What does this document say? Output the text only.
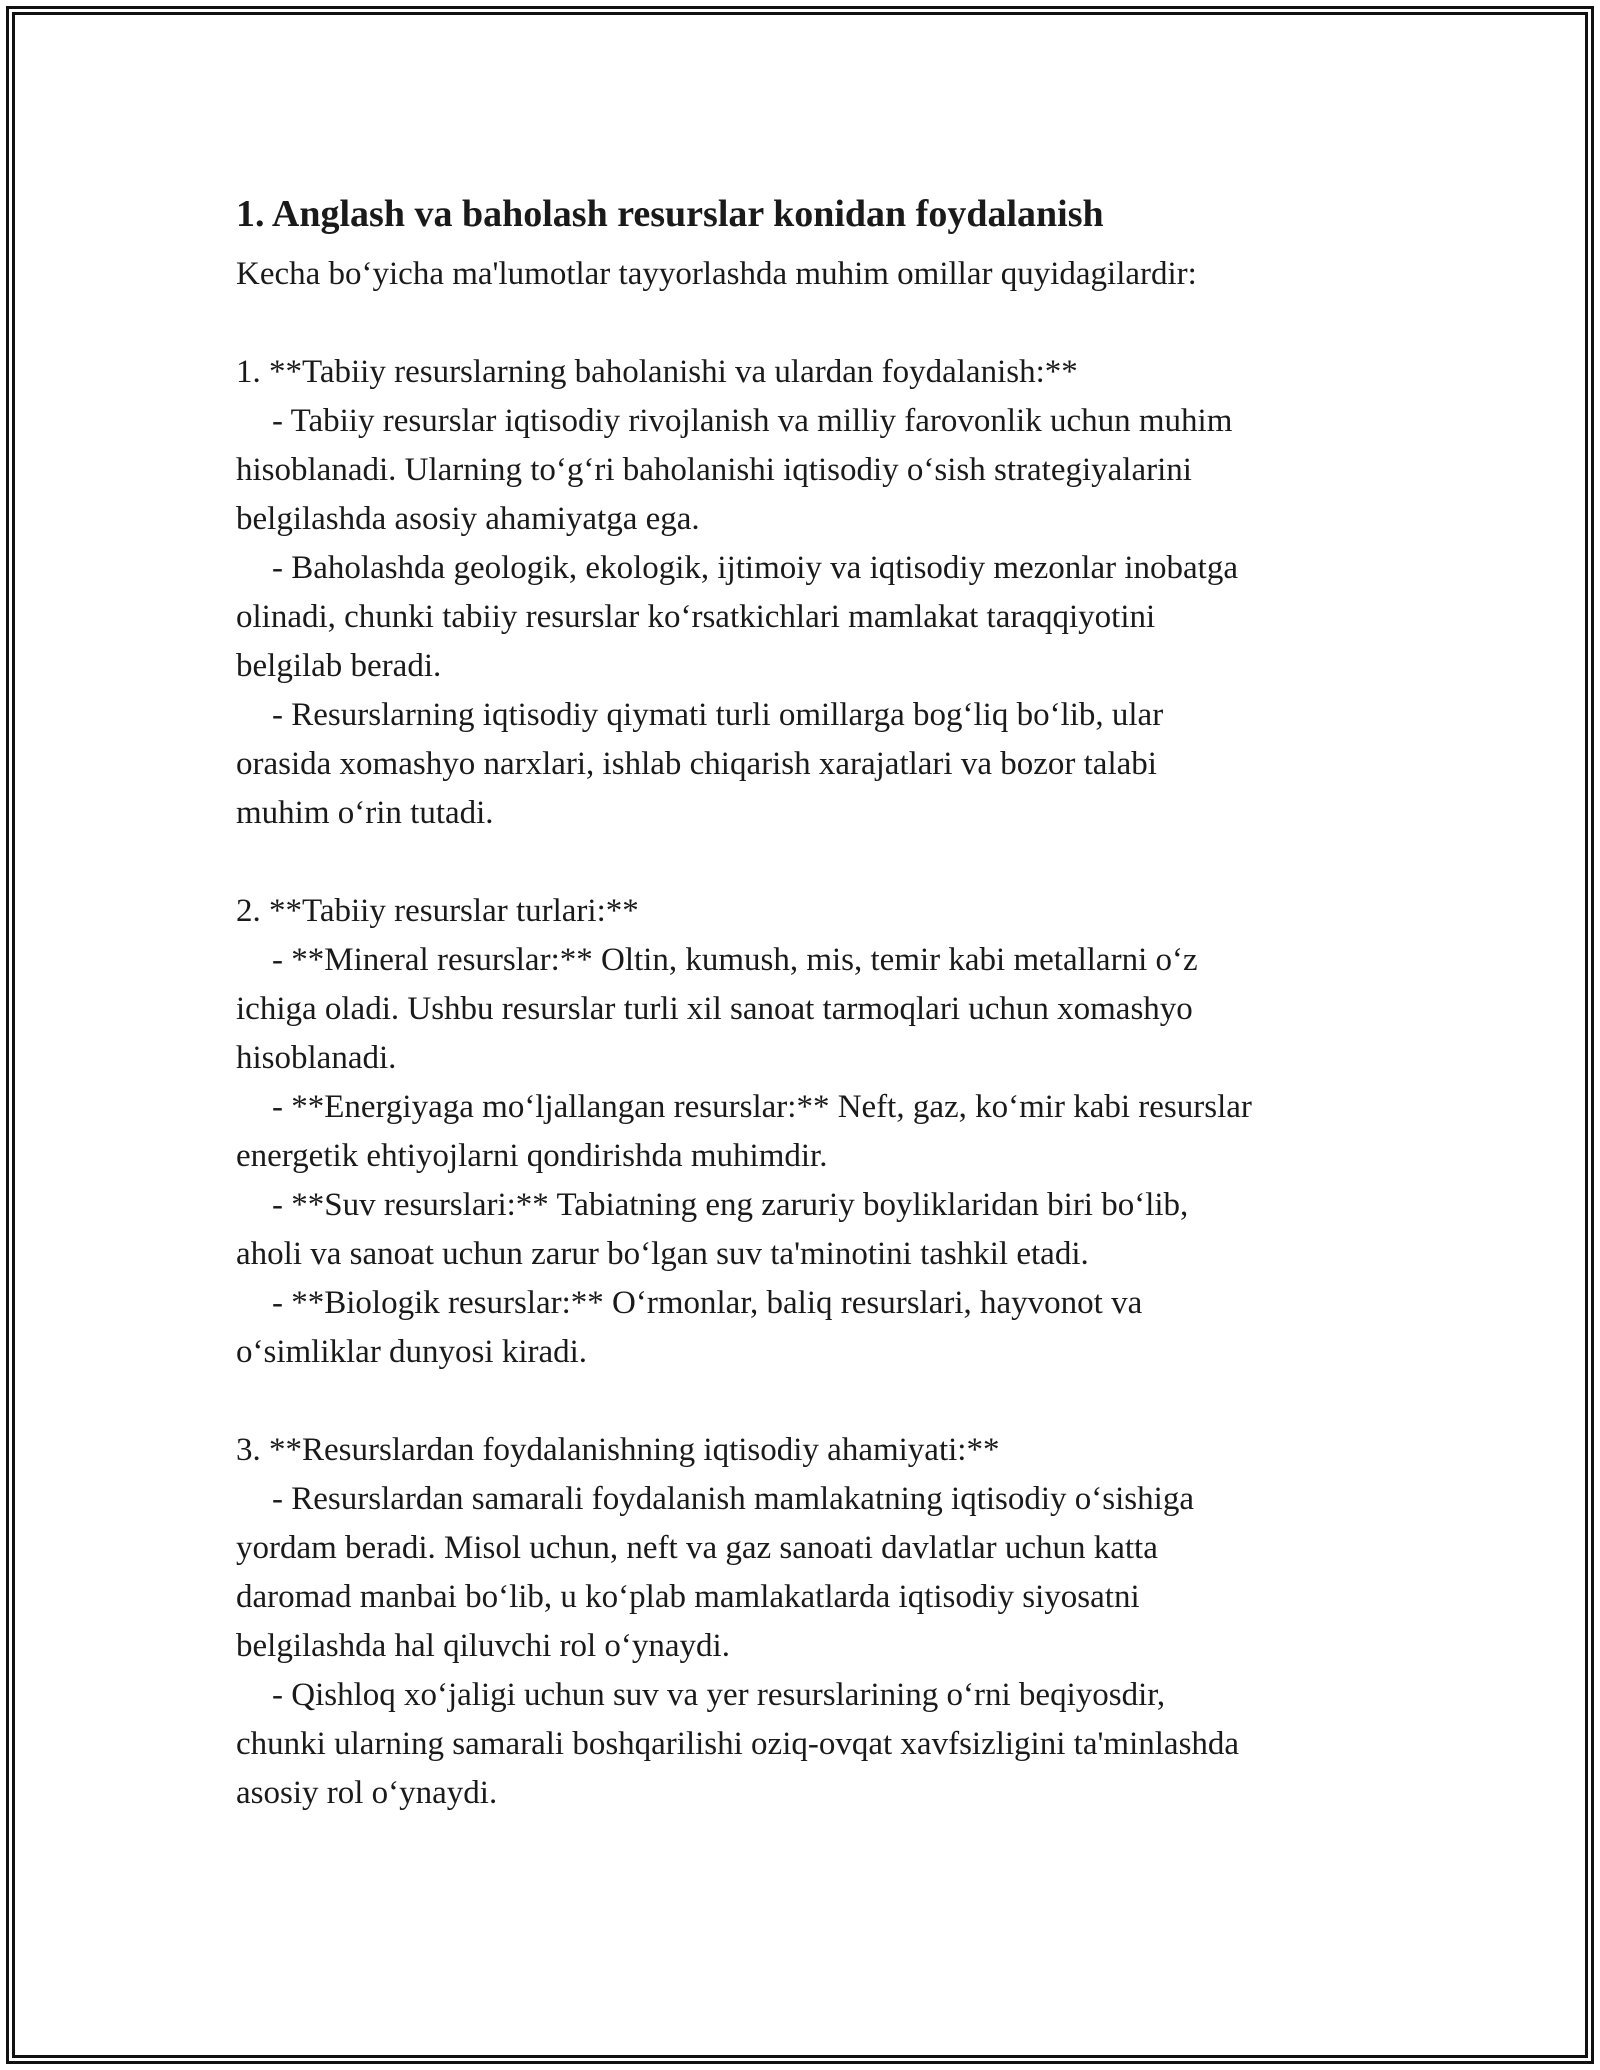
1. Anglash va baholash resurslar konidan foydalanish

Kecha bo‘yicha ma'lumotlar tayyorlashda muhim omillar quyidagilardir:

1. **Tabiiy resurslarning baholanishi va ulardan foydalanish:**

- Tabiiy resurslar iqtisodiy rivojlanish va milliy farovonlik uchun muhim

hisoblanadi. Ularning to‘g‘ri baholanishi iqtisodiy o‘sish strategiyalarini

belgilashda asosiy ahamiyatga ega.

- Baholashda geologik, ekologik, ijtimoiy va iqtisodiy mezonlar inobatga

olinadi, chunki tabiiy resurslar ko‘rsatkichlari mamlakat taraqqiyotini

belgilab beradi.

- Resurslarning iqtisodiy qiymati turli omillarga bog‘liq bo‘lib, ular

orasida xomashyo narxlari, ishlab chiqarish xarajatlari va bozor talabi

muhim o‘rin tutadi.

2. **Tabiiy resurslar turlari:**

- **Mineral resurslar:** Oltin, kumush, mis, temir kabi metallarni o‘z

ichiga oladi. Ushbu resurslar turli xil sanoat tarmoqlari uchun xomashyo

hisoblanadi.

- **Energiyaga mo‘ljallangan resurslar:** Neft, gaz, ko‘mir kabi resurslar

energetik ehtiyojlarni qondirishda muhimdir.

- **Suv resurslari:** Tabiatning eng zaruriy boyliklaridan biri bo‘lib,

aholi va sanoat uchun zarur bo‘lgan suv ta'minotini tashkil etadi.

- **Biologik resurslar:** O‘rmonlar, baliq resurslari, hayvonot va

o‘simliklar dunyosi kiradi.

3. **Resurslardan foydalanishning iqtisodiy ahamiyati:**

- Resurslardan samarali foydalanish mamlakatning iqtisodiy o‘sishiga

yordam beradi. Misol uchun, neft va gaz sanoati davlatlar uchun katta

daromad manbai bo‘lib, u ko‘plab mamlakatlarda iqtisodiy siyosatni

belgilashda hal qiluvchi rol o‘ynaydi.

- Qishloq xo‘jaligi uchun suv va yer resurslarining o‘rni beqiyosdir,

chunki ularning samarali boshqarilishi oziq-ovqat xavfsizligini ta'minlashda

asosiy rol o‘ynaydi.
